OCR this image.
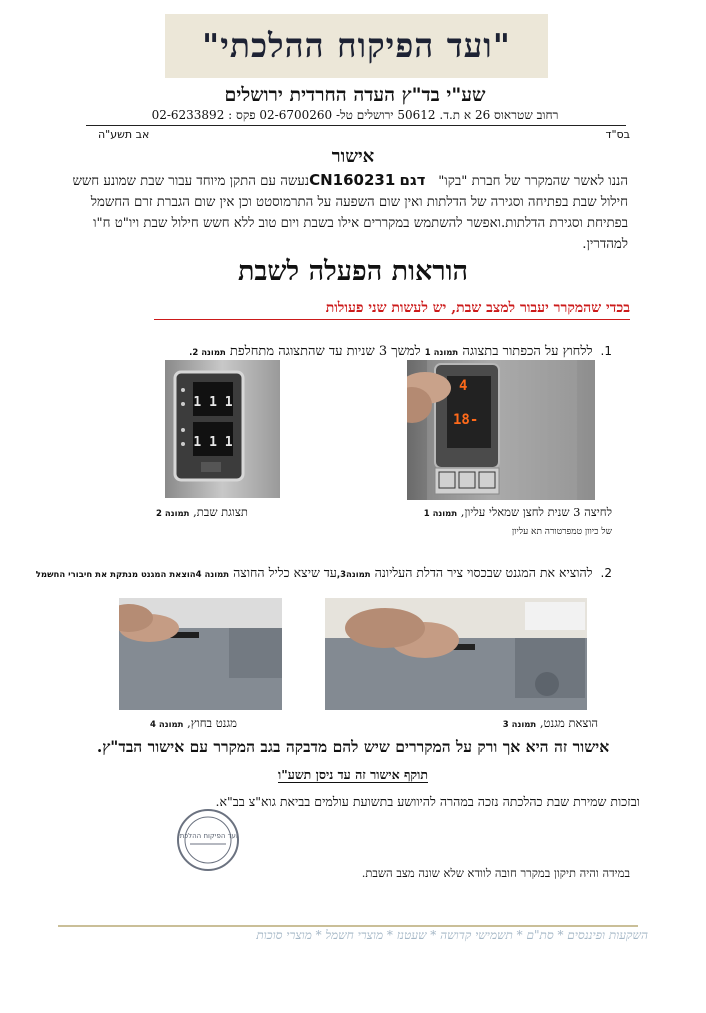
"ועד הפיקוח ההלכתי"
שע"י בד"ץ העדה החרדית ירושלים
רחוב שטראוס 26 א ת.ד. 50612 ירושלים טל- 02-6700260 פקס : 02-6233892
בס"ד
אב תשע"ה
אישור
הננו לאשר שהמקרר של חברת "בקו"   דגם CN160231נעשה עם התקן מיוחד עבור שבת שמונע חשש חילול שבת בפתיחה וסגירה של הדלתות ואין שום השפעה על התרמוסטט וכן אין שום הגברת זרם החשמל בפתיחת וסגירת הדלתות.ואפשר להשתמש במקררים אילו בשבת ויום טוב ללא חשש חילול שבת ויו"ט ח"ו למהדרין.
הוראות הפעלה לשבת
בכדי שהמקרר יעבור למצב שבת, יש לעשות שני פעולות
1.ללחוץ על הכפתור בתצוגה תמונה 1 למשך 3 שניות עד שהתצוגה מתחלפת תמונה 2.
4
-18
1 1 1
1 1 1
לחיצה 3 שנית לחצן שמאלי עליון, תמונה 1
של כיוון טמפרטורה תא עליון
תצוגת שבת, תמונה 2
2.להוציא את המגנט שבכסוי ציר הדלת העליונה תמונה3,עד שיצא כליל החוצה תמונה 4הוצאת המגנט מנתקת את חיבורי החשמל
הוצאת מגנט, תמונה 3
מגנט בחוץ, תמונה 4
אישור זה היא אך ורק על המקררים שיש להם מדבקה בגב המקרר עם אישור הבד"ץ.
תוקף אישור זה עד ניסן תשע"ו
ובזכות שמירת שבת כהלכתה נזכה במהרה להיוושע בתשועת עולמים בביאת גוא"צ בב"א.
ועד הפיקוח ההלכתי
במידה והיה תיקון במקרר חובה לוודא שלא שונה מצב השבת.
השקעות ופיננסים * סת"ם * תשמישי קדושה * שעטנז * מוצרי חשמל * מוצרי סוכות
